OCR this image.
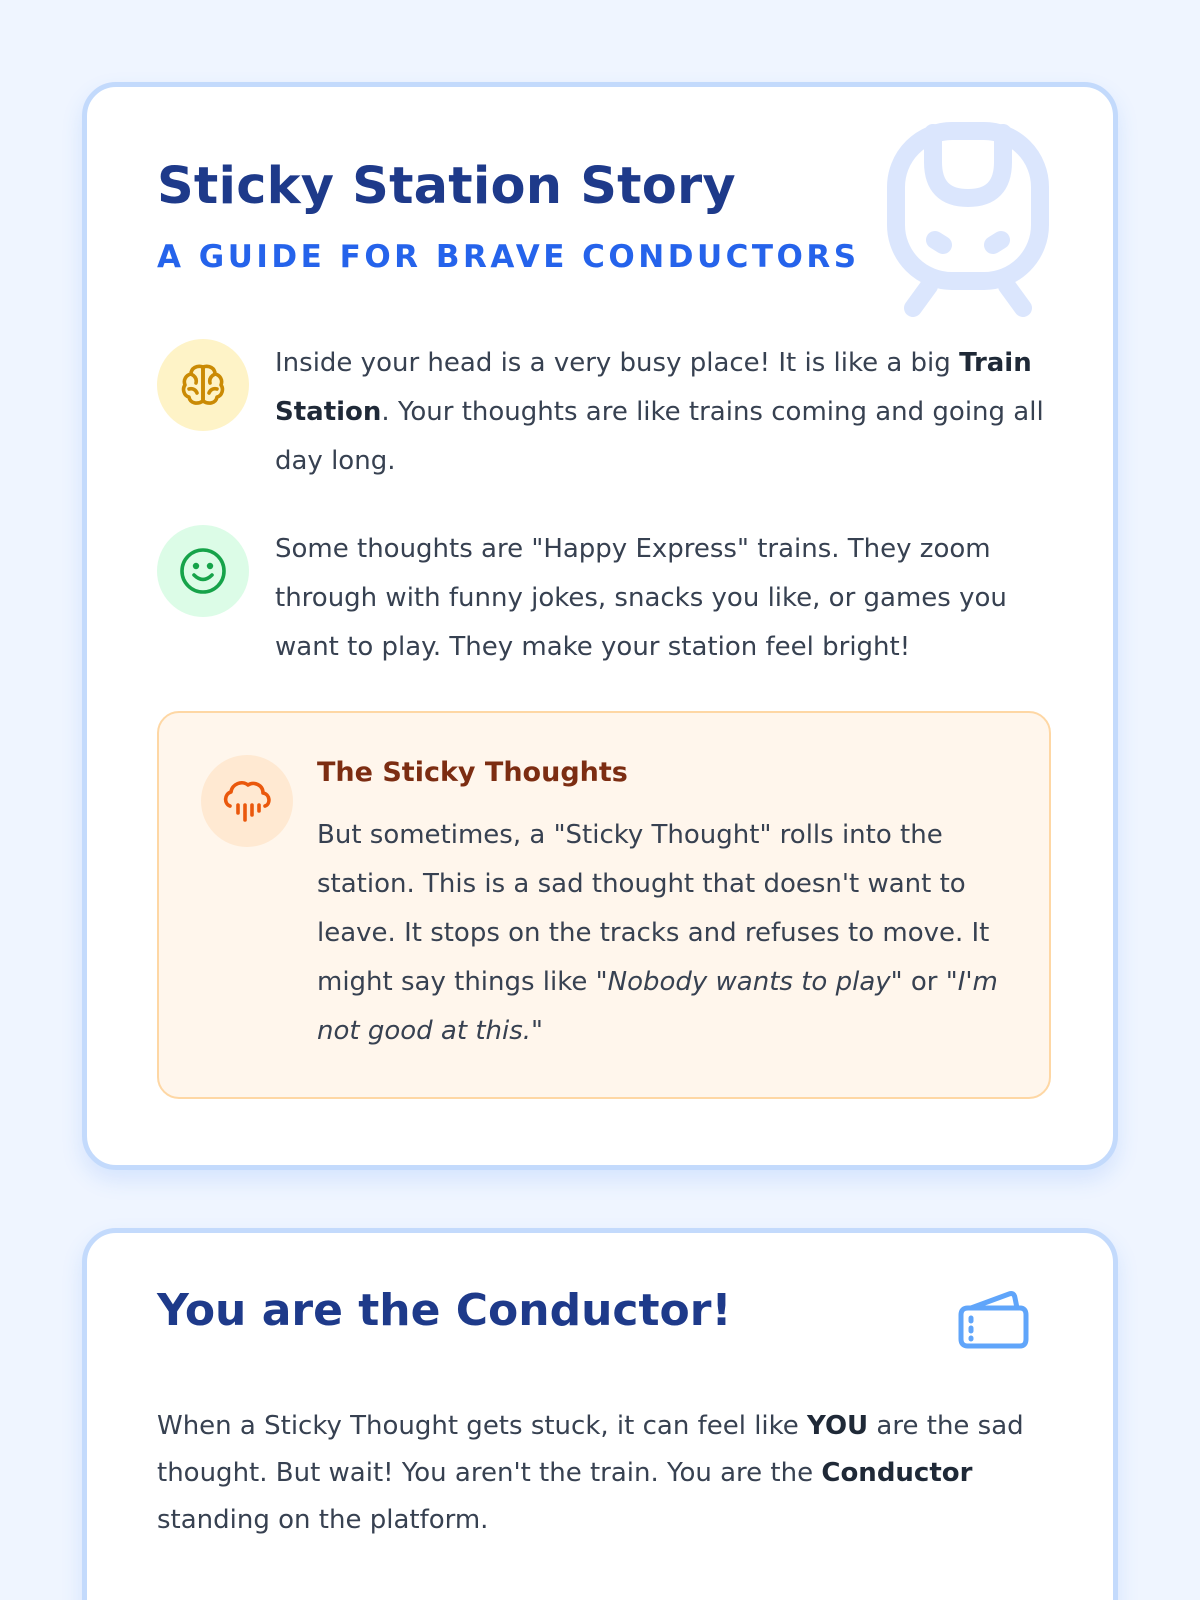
Sticky Station Story
A GUIDE FOR BRAVE CONDUCTORS

Inside your head is a very busy place! It is like a big Train Station. Your thoughts are like trains coming and going all day long.

Some thoughts are "Happy Express" trains. They zoom through with funny jokes, snacks you like, or games you want to play. They make your station feel bright!

The Sticky Thoughts

But sometimes, a "Sticky Thought" rolls into the station. This is a sad thought that doesn't want to leave. It stops on the tracks and refuses to move. It might say things like "Nobody wants to play" or "I'm not good at this."

You are the Conductor!

When a Sticky Thought gets stuck, it can feel like YOU are the sad thought. But wait! You aren't the train. You are the Conductor standing on the platform.
